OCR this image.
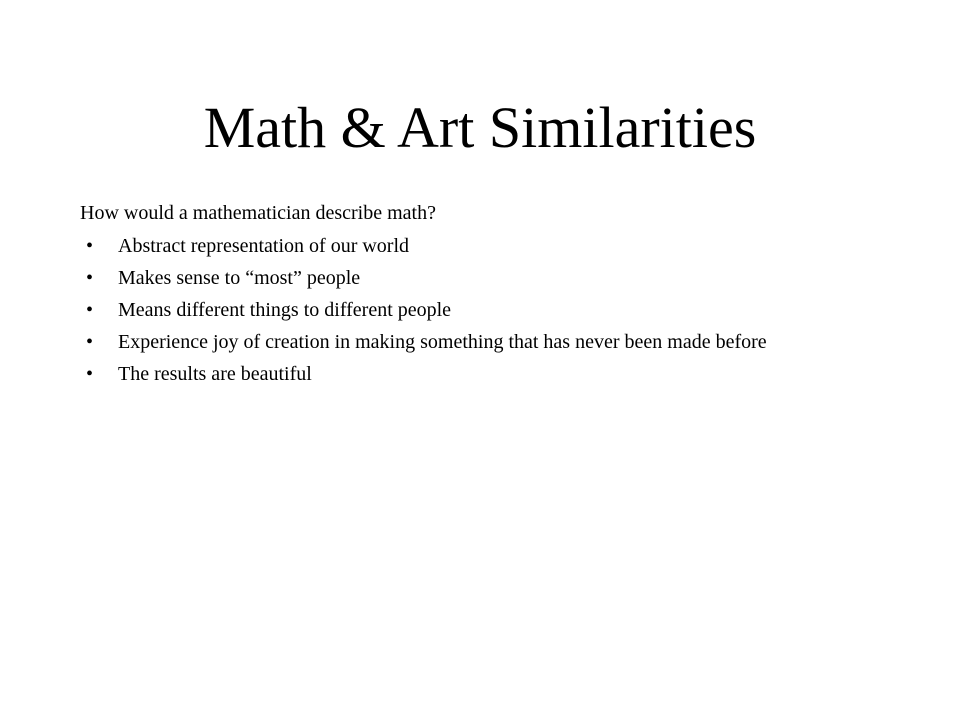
Math & Art Similarities

How would a mathematician describe math?

• Abstract representation of our world
• Makes sense to “most” people
• Means different things to different people
• Experience joy of creation in making something that has never been made before
• The results are beautiful
